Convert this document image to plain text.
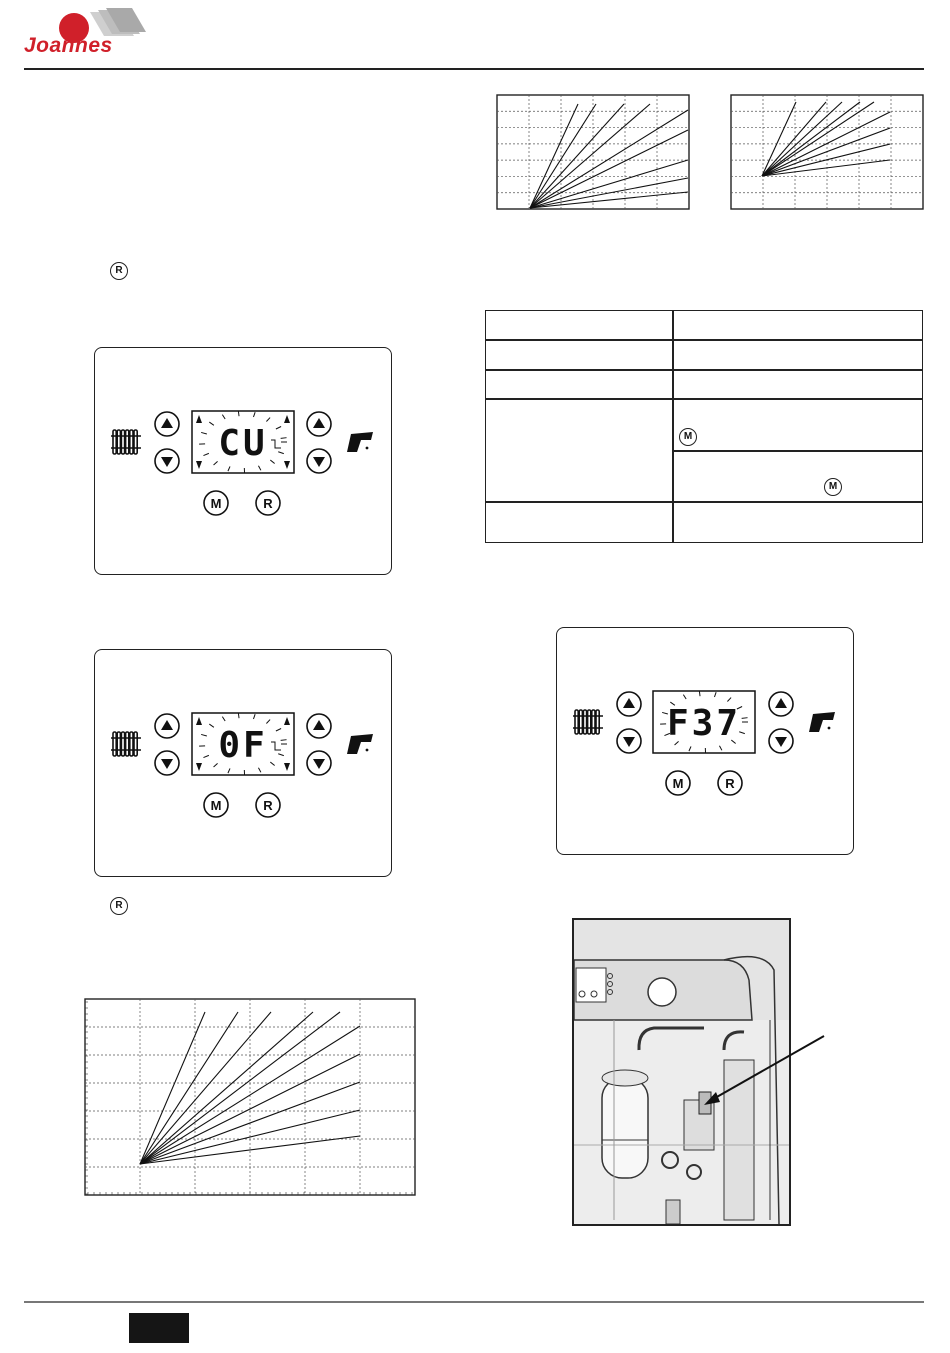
Joannes
R
CU
M	R
0F
M	R
R
M
M
F37
M	R
